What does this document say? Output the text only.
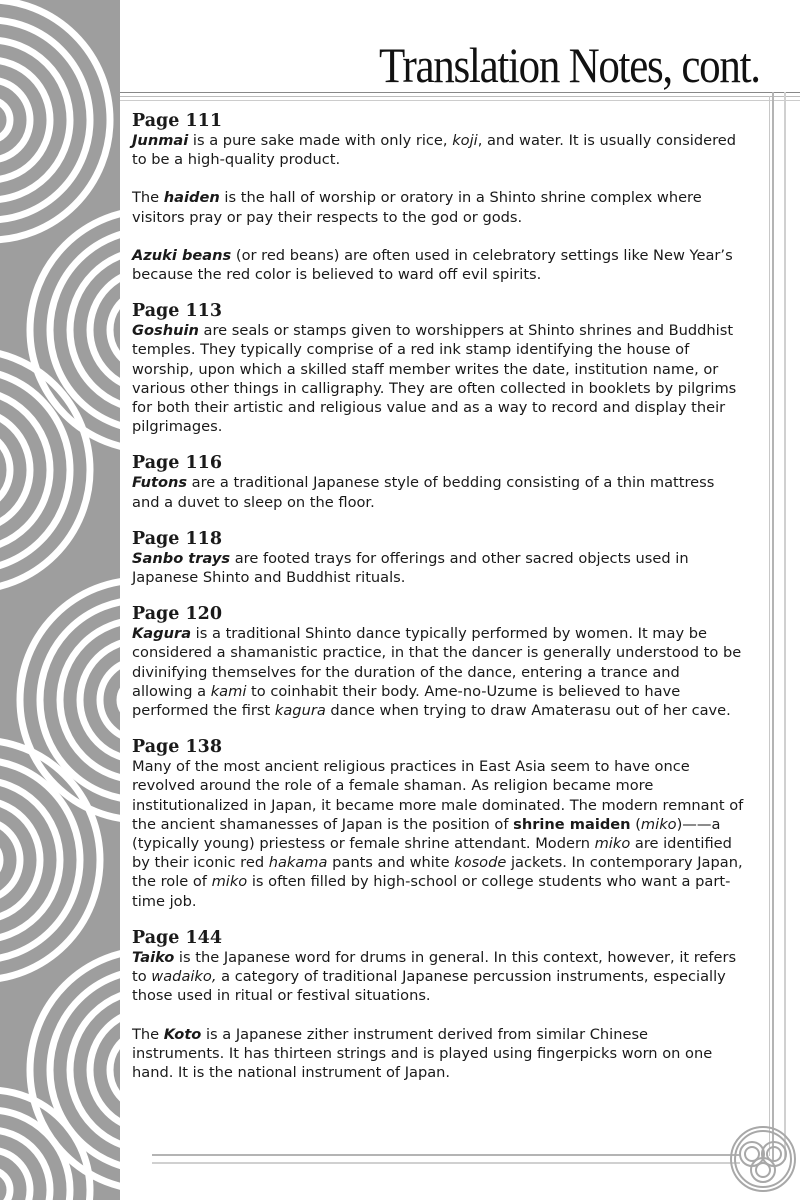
Translation Notes, cont.
Page 111

Junmai is a pure sake made with only rice, koji, and water. It is usually considered to be a high-quality product.

The haiden is the hall of worship or oratory in a Shinto shrine complex where visitors pray or pay their respects to the god or gods.

Azuki beans (or red beans) are often used in celebratory settings like New Year’s because the red color is believed to ward off evil spirits.

Page 113

Goshuin are seals or stamps given to worshippers at Shinto shrines and Buddhist temples. They typically comprise of a red ink stamp identifying the house of worship, upon which a skilled staff member writes the date, institution name, or various other things in calligraphy. They are often collected in booklets by pilgrims for both their artistic and religious value and as a way to record and display their pilgrimages.

Page 116

Futons are a traditional Japanese style of bedding consisting of a thin mattress and a duvet to sleep on the floor.

Page 118

Sanbo trays are footed trays for offerings and other sacred objects used in Japanese Shinto and Buddhist rituals.

Page 120

Kagura is a traditional Shinto dance typically performed by women. It may be considered a shamanistic practice, in that the dancer is generally understood to be divinifying themselves for the duration of the dance, entering a trance and allowing a kami to coinhabit their body. Ame-no-Uzume is believed to have performed the first kagura dance when trying to draw Amaterasu out of her cave.

Page 138

Many of the most ancient religious practices in East Asia seem to have once revolved around the role of a female shaman. As religion became more institutionalized in Japan, it became more male dominated. The modern remnant of the ancient shamanesses of Japan is the position of shrine maiden (miko)——a (typically young) priestess or female shrine attendant. Modern miko are identified by their iconic red hakama pants and white kosode jackets. In contemporary Japan, the role of miko is often filled by high-school or college students who want a part-time job.

Page 144

Taiko is the Japanese word for drums in general. In this context, however, it refers to wadaiko, a category of traditional Japanese percussion instruments, especially those used in ritual or festival situations.

The Koto is a Japanese zither instrument derived from similar Chinese instruments. It has thirteen strings and is played using fingerpicks worn on one hand. It is the national instrument of Japan.
